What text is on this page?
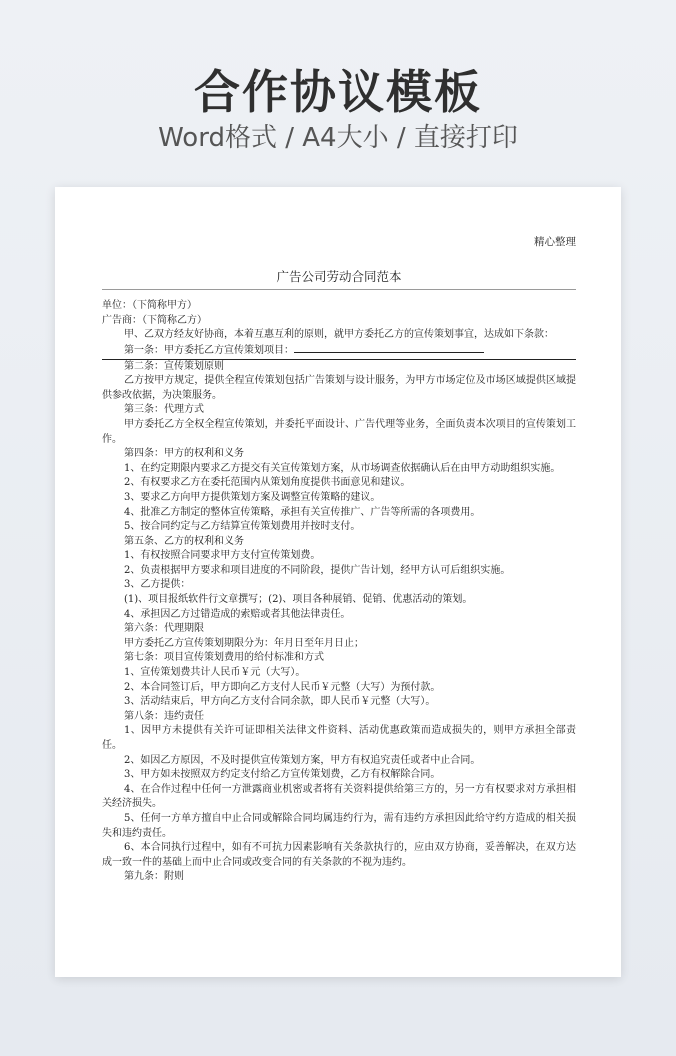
合作协议模板
Word格式 / A4大小 / 直接打印
精心整理
广告公司劳动合同范本

单位：（下简称甲方）

广告商：（下简称乙方）

甲、乙双方经友好协商，本着互惠互利的原则，就甲方委托乙方的宣传策划事宜，达成如下条款：

第一条：甲方委托乙方宣传策划项目：

第二条：宣传策划原则

乙方按甲方规定，提供全程宣传策划包括广告策划与设计服务，为甲方市场定位及市场区域提供区域提供参改依据，为决策服务。

第三条：代理方式

甲方委托乙方全权全程宣传策划，并委托平面设计、广告代理等业务，全面负责本次项目的宣传策划工作。

第四条：甲方的权利和义务

1、在约定期限内要求乙方提交有关宣传策划方案，从市场调查依据确认后在由甲方动助组织实施。

2、有权要求乙方在委托范围内从策划角度提供书面意见和建议。

3、要求乙方向甲方提供策划方案及调整宣传策略的建议。

4、批准乙方制定的整体宣传策略，承担有关宣传推广、广告等所需的各项费用。

5、按合同约定与乙方结算宣传策划费用并按时支付。

第五条、乙方的权利和义务

1、有权按照合同要求甲方支付宣传策划费。

2、负责根据甲方要求和项目进度的不同阶段，提供广告计划，经甲方认可后组织实施。

3、乙方提供：

(1)、项目报纸软件行文章撰写；(2)、项目各种展销、促销、优惠活动的策划。

4、承担因乙方过错造成的索赔或者其他法律责任。

第六条：代理期限

甲方委托乙方宣传策划期限分为：年月日至年月日止；

第七条：项目宣传策划费用的给付标准和方式

1、宣传策划费共计人民币￥元（大写）。

2、本合同签订后，甲方即向乙方支付人民币￥元整（大写）为预付款。

3、活动结束后，甲方向乙方支付合同余款，即人民币￥元整（大写）。

第八条：违约责任

1、因甲方未提供有关许可证即相关法律文件资料、活动优惠政策而造成损失的，则甲方承担全部责任。

2、如因乙方原因，不及时提供宣传策划方案，甲方有权追究责任或者中止合同。

3、甲方如未按照双方约定支付给乙方宣传策划费，乙方有权解除合同。

4、在合作过程中任何一方泄露商业机密或者将有关资料提供给第三方的，另一方有权要求对方承担相关经济损失。

5、任何一方单方擅自中止合同或解除合同均属违约行为，需有违约方承担因此给守约方造成的相关损失和违约责任。

6、本合同执行过程中，如有不可抗力因素影响有关条款执行的，应由双方协商，妥善解决，在双方达成一致一件的基础上而中止合同或改变合同的有关条款的不视为违约。

第九条：附则
